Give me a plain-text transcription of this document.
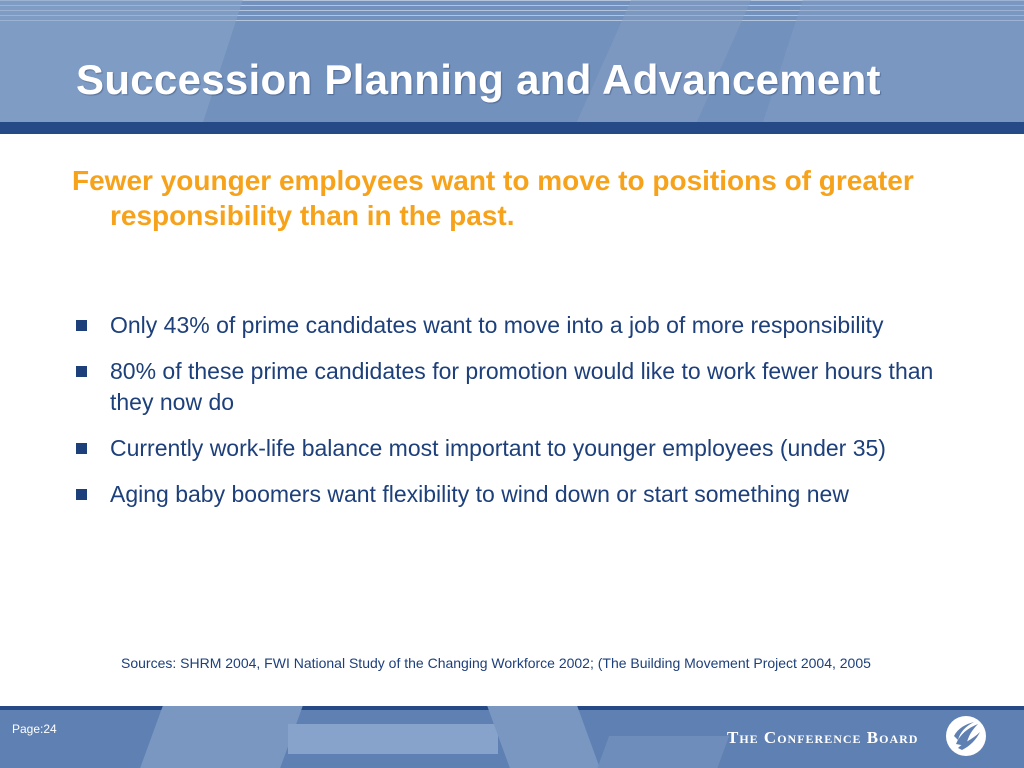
Succession Planning and Advancement
Fewer younger employees want to move to positions of greater responsibility than in the past.
Only 43% of prime candidates want to move into a job of more responsibility
80% of these prime candidates for promotion would like to work fewer hours than they now do
Currently work-life balance most important to younger employees (under 35)
Aging baby boomers want flexibility to wind down or start something new
Sources: SHRM 2004, FWI National Study of the Changing Workforce 2002; (The Building Movement Project 2004, 2005
Page:24	The Conference Board
